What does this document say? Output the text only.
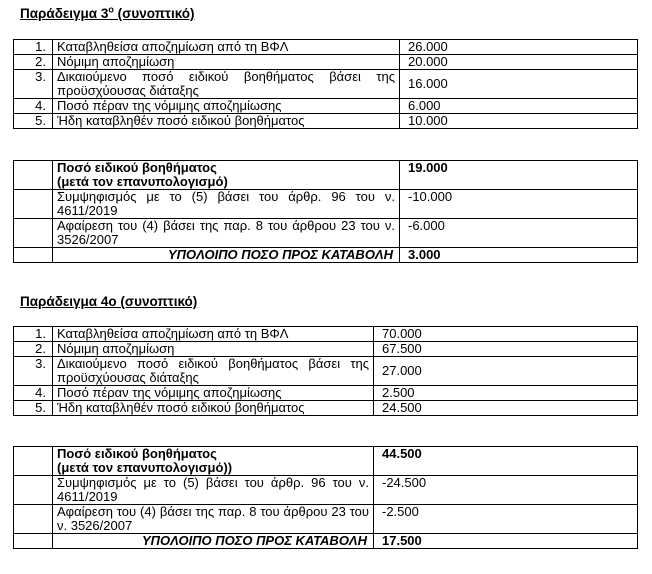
Παράδειγμα $3^o$ (συνοπτικό)
1.	Καταβληθείσα αποζημίωση από τη ΒΦΛ	26.000
2.	Νόμιμη αποζημίωση	20.000
3.	Δικαιούμενο ποσό ειδικού βοηθήματος βάσει της προϋσχύουσας διάταξης	16.000
4.	Ποσό πέραν της νόμιμης αποζημίωσης	6.000
5.	Ήδη καταβληθέν ποσό ειδικού βοηθήματος	10.000

	Ποσό ειδικού βοηθήματος
(μετά τον επανυπολογισμό)	19.000
	Συμψηφισμός με το (5) βάσει του άρθρ. 96 του ν. 4611/2019	-10.000
	Αφαίρεση του (4) βάσει της παρ. 8 του άρθρου 23 του ν. 3526/2007	-6.000
	ΥΠΟΛΟΙΠΟ ΠΟΣΟ ΠΡΟΣ ΚΑΤΑΒΟΛΗ	3.000
Παράδειγμα 4ο (συνοπτικό)
1.	Καταβληθείσα αποζημίωση από τη ΒΦΛ	70.000
2.	Νόμιμη αποζημίωση	67.500
3.	Δικαιούμενο ποσό ειδικού βοηθήματος βάσει της προϋσχύουσας διάταξης	27.000
4.	Ποσό πέραν της νόμιμης αποζημίωσης	2.500
5.	Ήδη καταβληθέν ποσό ειδικού βοηθήματος	24.500

	Ποσό ειδικού βοηθήματος
(μετά τον επανυπολογισμό))	44.500
	Συμψηφισμός με το (5) βάσει του άρθρ. 96 του ν. 4611/2019	-24.500
	Αφαίρεση του (4) βάσει της παρ. 8 του άρθρου 23 του ν. 3526/2007	-2.500
	ΥΠΟΛΟΙΠΟ ΠΟΣΟ ΠΡΟΣ ΚΑΤΑΒΟΛΗ	17.500
